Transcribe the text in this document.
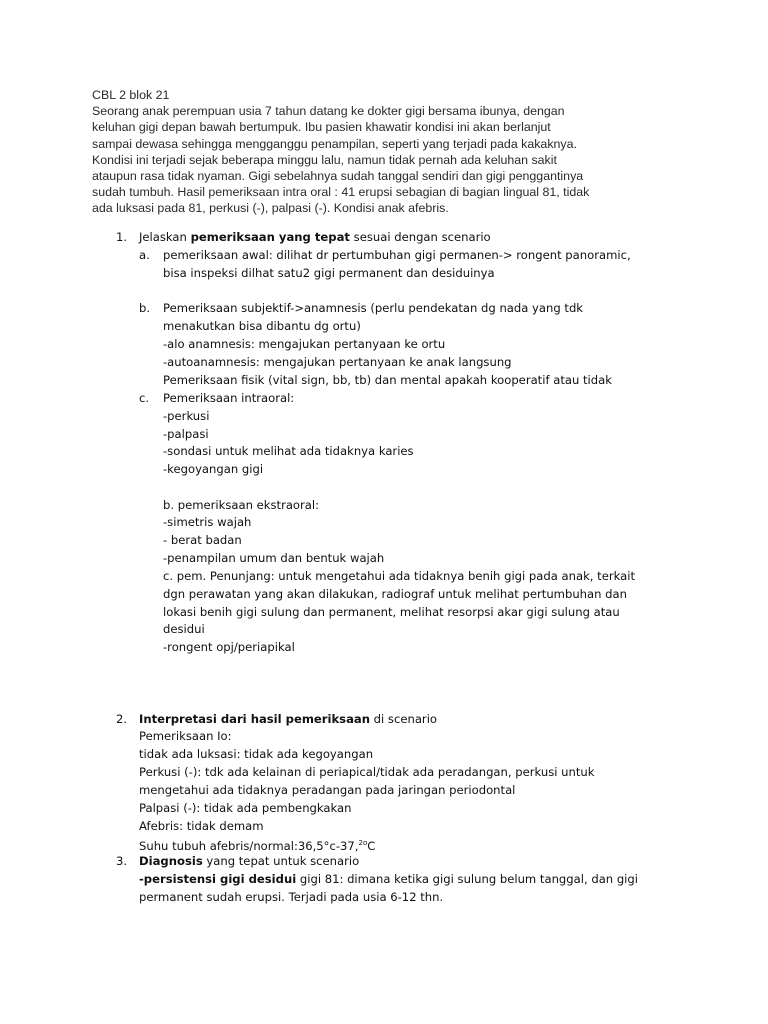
CBL 2 blok 21

Seorang anak perempuan usia 7 tahun datang ke dokter gigi bersama ibunya, dengan

keluhan gigi depan bawah bertumpuk. Ibu pasien khawatir kondisi ini akan berlanjut

sampai dewasa sehingga mengganggu penampilan, seperti yang terjadi pada kakaknya.

Kondisi ini terjadi sejak beberapa minggu lalu, namun tidak pernah ada keluhan sakit

ataupun rasa tidak nyaman. Gigi sebelahnya sudah tanggal sendiri dan gigi penggantinya

sudah tumbuh. Hasil pemeriksaan intra oral : 41 erupsi sebagian di bagian lingual 81, tidak

ada luksasi pada 81, perkusi (-), palpasi (-). Kondisi anak afebris.

1. Jelaskan pemeriksaan yang tepat sesuai dengan scenario
a. pemeriksaan awal: dilihat dr pertumbuhan gigi permanen-> rongent panoramic,
bisa inspeksi dilhat satu2 gigi permanent dan desiduinya
b. Pemeriksaan subjektif->anamnesis (perlu pendekatan dg nada yang tdk
menakutkan bisa dibantu dg ortu)
-alo anamnesis: mengajukan pertanyaan ke ortu
-autoanamnesis: mengajukan pertanyaan ke anak langsung
Pemeriksaan fisik (vital sign, bb, tb) dan mental apakah kooperatif atau tidak
c. Pemeriksaan intraoral:
-perkusi
-palpasi
-sondasi untuk melihat ada tidaknya karies
-kegoyangan gigi
b. pemeriksaan ekstraoral:
-simetris wajah
- berat badan
-penampilan umum dan bentuk wajah
c. pem. Penunjang: untuk mengetahui ada tidaknya benih gigi pada anak, terkait
dgn perawatan yang akan dilakukan, radiograf untuk melihat pertumbuhan dan
lokasi benih gigi sulung dan permanent, melihat resorpsi akar gigi sulung atau
desidui
-rongent opj/periapikal
2. Interpretasi dari hasil pemeriksaan di scenario
Pemeriksaan Io:
tidak ada luksasi: tidak ada kegoyangan
Perkusi (-): tdk ada kelainan di periapical/tidak ada peradangan, perkusi untuk
mengetahui ada tidaknya peradangan pada jaringan periodontal
Palpasi (-): tidak ada pembengkakan
Afebris: tidak demam
Suhu tubuh afebris/normal:36,5°c-37,$^{2o}$C
3. Diagnosis yang tepat untuk scenario
-persistensi gigi desidui gigi 81: dimana ketika gigi sulung belum tanggal, dan gigi
permanent sudah erupsi. Terjadi pada usia 6-12 thn.
